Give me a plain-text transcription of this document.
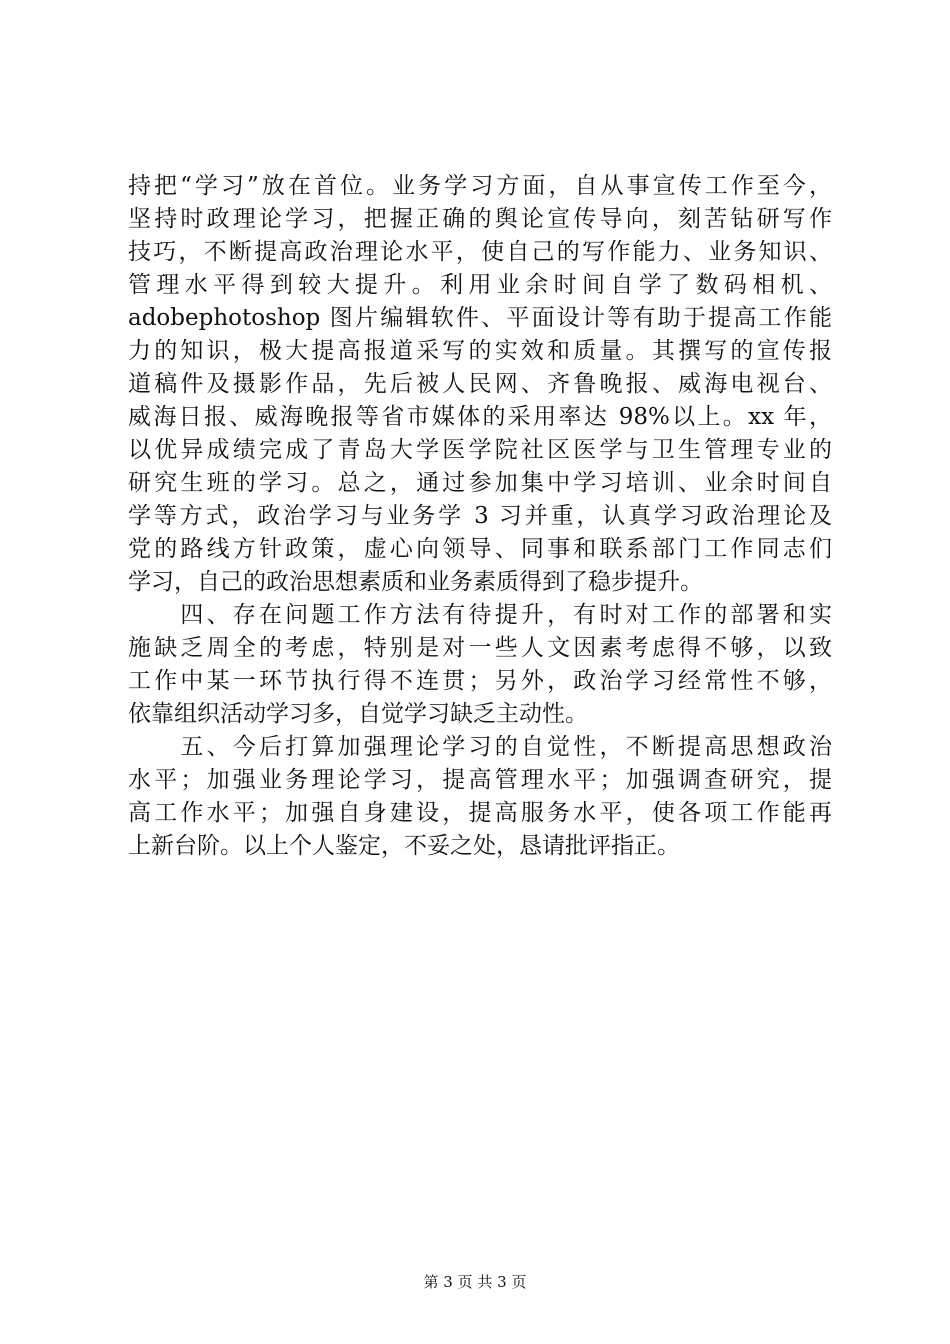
持把“学习”放在首位。业务学习方面，自从事宣传工作至今，
坚持时政理论学习，把握正确的舆论宣传导向，刻苦钻研写作
技巧，不断提高政治理论水平，使自己的写作能力、业务知识、
管理水平得到较大提升。利用业余时间自学了数码相机、
adobephotoshop 图片编辑软件、平面设计等有助于提高工作能
力的知识，极大提高报道采写的实效和质量。其撰写的宣传报
道稿件及摄影作品，先后被人民网、齐鲁晚报、威海电视台、
威海日报、威海晚报等省市媒体的采用率达 98%以上。xx 年，
以优异成绩完成了青岛大学医学院社区医学与卫生管理专业的
研究生班的学习。总之，通过参加集中学习培训、业余时间自
学等方式，政治学习与业务学 3 习并重，认真学习政治理论及
党的路线方针政策，虚心向领导、同事和联系部门工作同志们
学习，自己的政治思想素质和业务素质得到了稳步提升。
　　四、存在问题工作方法有待提升，有时对工作的部署和实
施缺乏周全的考虑，特别是对一些人文因素考虑得不够，以致
工作中某一环节执行得不连贯；另外，政治学习经常性不够，
依靠组织活动学习多，自觉学习缺乏主动性。
　　五、今后打算加强理论学习的自觉性，不断提高思想政治
水平；加强业务理论学习，提高管理水平；加强调查研究，提
高工作水平；加强自身建设，提高服务水平，使各项工作能再
上新台阶。以上个人鉴定，不妥之处，恳请批评指正。
第 3 页 共 3 页
